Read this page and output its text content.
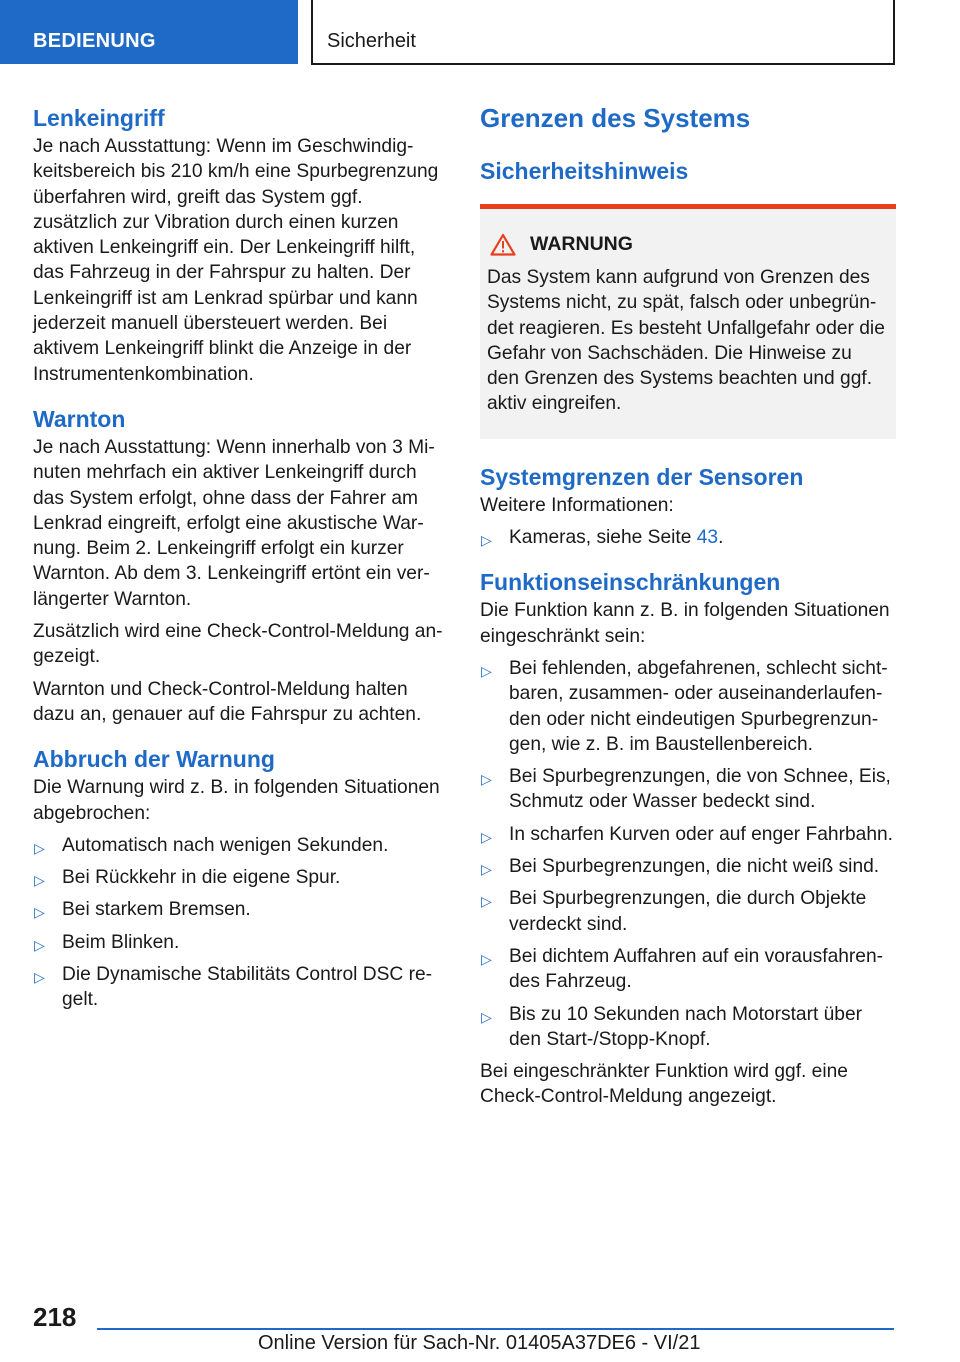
BEDIENUNG	Sicherheit
Lenkeingriff

Je nach Ausstattung: Wenn im Geschwindigkeitsbereich bis 210 km/h eine Spurbegrenzung überfahren wird, greift das System ggf. zusätzlich zur Vibration durch einen kurzen aktiven Lenkeingriff ein. Der Lenkeingriff hilft, das Fahrzeug in der Fahrspur zu halten. Der Lenkeingriff ist am Lenkrad spürbar und kann jederzeit manuell übersteuert werden. Bei aktivem Lenkeingriff blinkt die Anzeige in der Instrumentenkombination.

Warnton

Je nach Ausstattung: Wenn innerhalb von 3 Minuten mehrfach ein aktiver Lenkeingriff durch das System erfolgt, ohne dass der Fahrer am Lenkrad eingreift, erfolgt eine akustische Warnung. Beim 2. Lenkeingriff erfolgt ein kurzer Warnton. Ab dem 3. Lenkeingriff ertönt ein verlängerter Warnton.

Zusätzlich wird eine Check-Control-Meldung angezeigt.

Warnton und Check-Control-Meldung halten dazu an, genauer auf die Fahrspur zu achten.

Abbruch der Warnung

Die Warnung wird z. B. in folgenden Situationen abgebrochen:

▷ Automatisch nach wenigen Sekunden.
▷ Bei Rückkehr in die eigene Spur.
▷ Bei starkem Bremsen.
▷ Beim Blinken.
▷ Die Dynamische Stabilitäts Control DSC regelt.
Grenzen des Systems
Sicherheitshinweis
WARNUNG

Das System kann aufgrund von Grenzen des Systems nicht, zu spät, falsch oder unbegründet reagieren. Es besteht Unfallgefahr oder die Gefahr von Sachschäden. Die Hinweise zu den Grenzen des Systems beachten und ggf. aktiv eingreifen.

Systemgrenzen der Sensoren

Weitere Informationen:

▷ Kameras, siehe Seite 43.
Funktionseinschränkungen

Die Funktion kann z. B. in folgenden Situationen eingeschränkt sein:

▷ Bei fehlenden, abgefahrenen, schlecht sichtbaren, zusammen- oder auseinanderlaufenden oder nicht eindeutigen Spurbegrenzungen, wie z. B. im Baustellenbereich.
▷ Bei Spurbegrenzungen, die von Schnee, Eis, Schmutz oder Wasser bedeckt sind.
▷ In scharfen Kurven oder auf enger Fahrbahn.
▷ Bei Spurbegrenzungen, die nicht weiß sind.
▷ Bei Spurbegrenzungen, die durch Objekte verdeckt sind.
▷ Bei dichtem Auffahren auf ein vorausfahrendes Fahrzeug.
▷ Bis zu 10 Sekunden nach Motorstart über den Start-/Stopp-Knopf.

Bei eingeschränkter Funktion wird ggf. eine Check-Control-Meldung angezeigt.

218
Online Version für Sach-Nr. 01405A37DE6 - VI/21
